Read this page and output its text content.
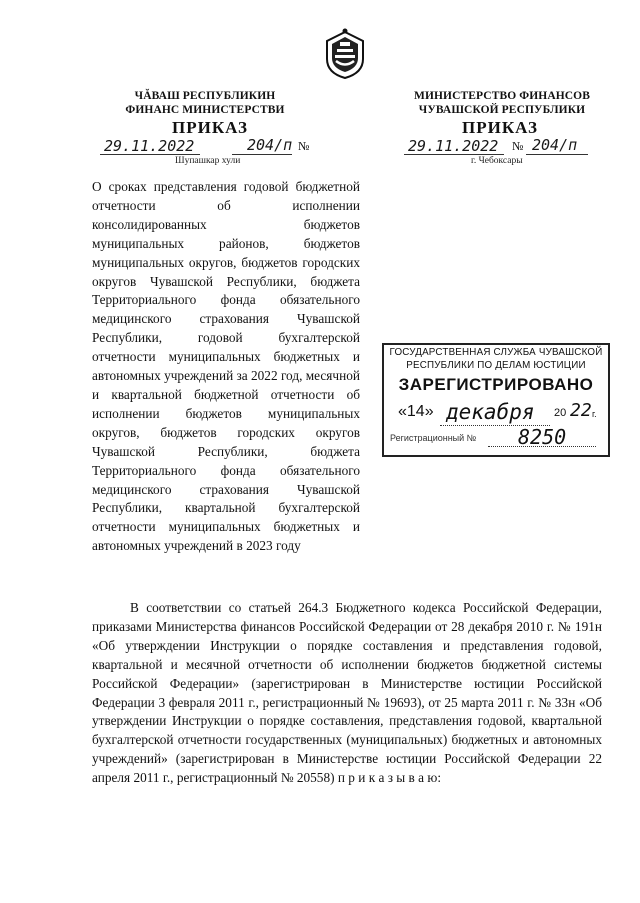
ЧĂВАШ РЕСПУБЛИКИН
ФИНАНС МИНИСТЕРСТВИ
МИНИСТЕРСТВО ФИНАНСОВ
ЧУВАШСКОЙ РЕСПУБЛИКИ
ПРИКАЗ
29.11.2022	204/п №
Шупашкар хули
ПРИКАЗ
29.11.2022 № 204/п
г. Чебоксары
О сроках представления годовой бюджетной отчетности об исполнении консолидированных бюджетов муниципальных районов, бюджетов муниципальных округов, бюджетов городских округов Чувашской Республики, бюджета Территориального фонда обязательного медицинского страхования Чувашской Республики, годовой бухгалтерской отчетности муниципальных бюджетных и автономных учреждений за 2022 год, месячной и квартальной бюджетной отчетности об исполнении бюджетов муниципальных округов, бюджетов городских округов Чувашской Республики, бюджета Территориального фонда обязательного медицинского страхования Чувашской Республики, квартальной бухгалтерской отчетности муниципальных бюджетных и автономных учреждений в 2023 году
ГОСУДАРСТВЕННАЯ СЛУЖБА ЧУВАШСКОЙ
РЕСПУБЛИКИ ПО ДЕЛАМ ЮСТИЦИИ
ЗАРЕГИСТРИРОВАНО
«14» декабря 20 22 г.
Регистрационный № 8250

В соответствии со статьей 264.3 Бюджетного кодекса Российской Федерации, приказами Министерства финансов Российской Федерации от 28 декабря 2010 г. № 191н «Об утверждении Инструкции о порядке составления и представления годовой, квартальной и месячной отчетности об исполнении бюджетов бюджетной системы Российской Федерации» (зарегистрирован в Министерстве юстиции Российской Федерации 3 февраля 2011 г., регистрационный № 19693), от 25 марта 2011 г. № 33н «Об утверждении Инструкции о порядке составления, представления годовой, квартальной бухгалтерской отчетности государственных (муниципальных) бюджетных и автономных учреждений» (зарегистрирован в Министерстве юстиции Российской Федерации 22 апреля 2011 г., регистрационный № 20558) п р и к а з ы в а ю:
